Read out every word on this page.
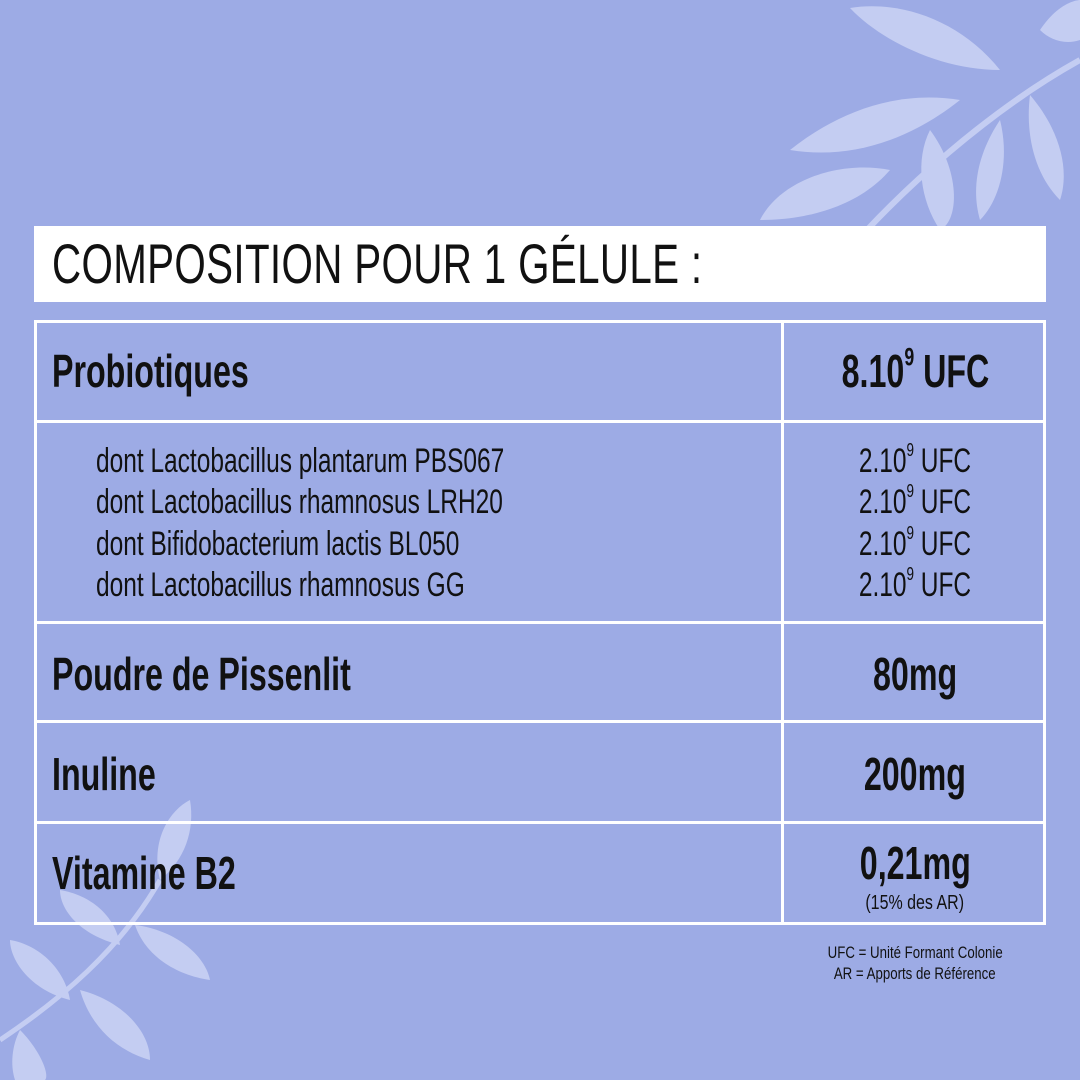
COMPOSITION POUR 1 GÉLULE :
Probiotiques	8.10$^9$ UFC
dont Lactobacillus plantarum PBS067	2.10$^9$ UFC
dont Lactobacillus rhamnosus LRH20	2.10$^9$ UFC
dont Bifidobacterium lactis BL050	2.10$^9$ UFC
dont Lactobacillus rhamnosus GG	2.10$^9$ UFC
Poudre de Pissenlit	80mg
Inuline	200mg
Vitamine B2	0,21mg
(15% des AR)
UFC = Unité Formant Colonie
AR = Apports de Référence
